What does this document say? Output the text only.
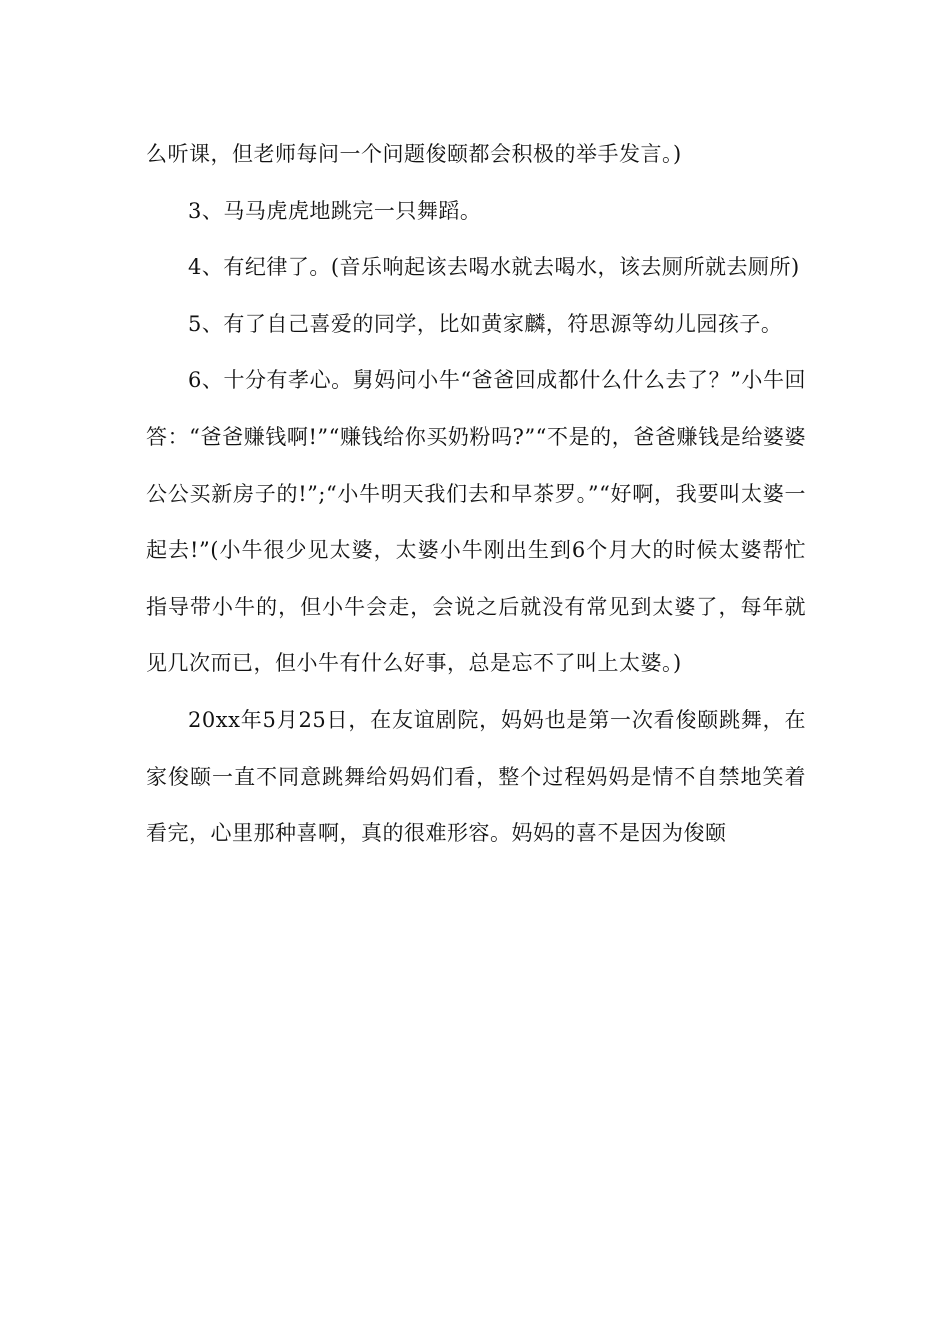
么听课，但老师每问一个问题俊颐都会积极的举手发言。)

3、马马虎虎地跳完一只舞蹈。

4、有纪律了。(音乐响起该去喝水就去喝水，该去厕所就去厕所)

5、有了自己喜爱的同学，比如黄家麟，符思源等幼儿园孩子。

6、十分有孝心。舅妈问小牛“爸爸回成都什么什么去了？”小牛回答：“爸爸赚钱啊!”“赚钱给你买奶粉吗?”“不是的，爸爸赚钱是给婆婆公公买新房子的!”;“小牛明天我们去和早茶罗。”“好啊，我要叫太婆一起去!”(小牛很少见太婆，太婆小牛刚出生到6个月大的时候太婆帮忙指导带小牛的，但小牛会走，会说之后就没有常见到太婆了，每年就见几次而已，但小牛有什么好事，总是忘不了叫上太婆。)

20xx年5月25日，在友谊剧院，妈妈也是第一次看俊颐跳舞，在家俊颐一直不同意跳舞给妈妈们看，整个过程妈妈是情不自禁地笑着看完，心里那种喜啊，真的很难形容。妈妈的喜不是因为俊颐
